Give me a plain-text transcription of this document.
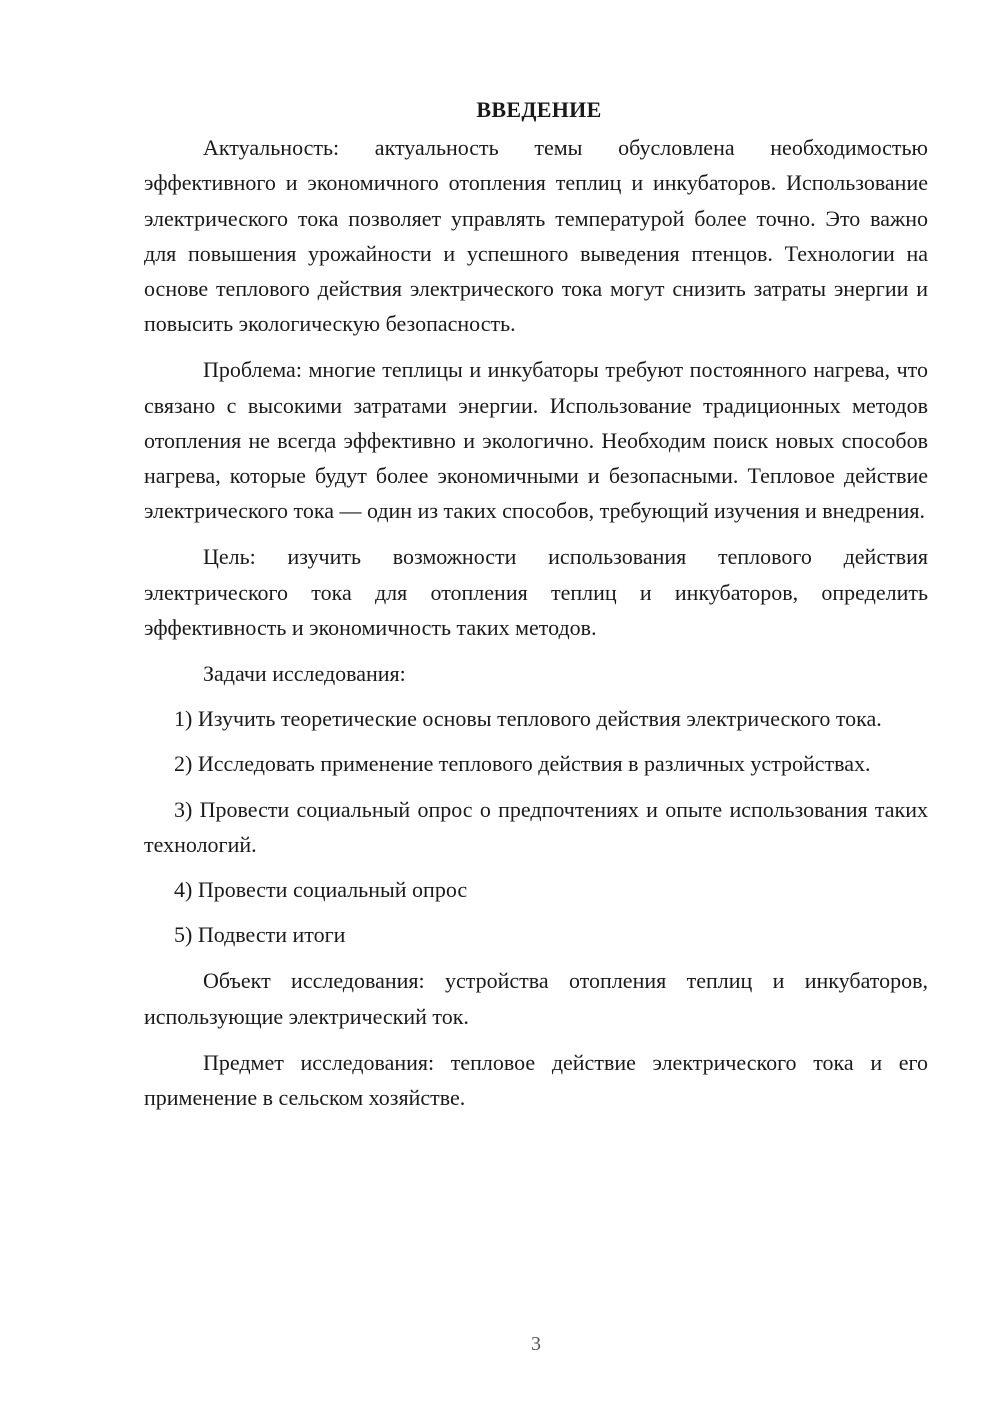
ВВЕДЕНИЕ

Актуальность: актуальность темы обусловлена необходимостью эффективного и экономичного отопления теплиц и инкубаторов. Использование электрического тока позволяет управлять температурой более точно. Это важно для повышения урожайности и успешного выведения птенцов. Технологии на основе теплового действия электрического тока могут снизить затраты энергии и повысить экологическую безопасность.

Проблема: многие теплицы и инкубаторы требуют постоянного нагрева, что связано с высокими затратами энергии. Использование традиционных методов отопления не всегда эффективно и экологично. Необходим поиск новых способов нагрева, которые будут более экономичными и безопасными. Тепловое действие электрического тока — один из таких способов, требующий изучения и внедрения.

Цель: изучить возможности использования теплового действия электрического тока для отопления теплиц и инкубаторов, определить эффективность и экономичность таких методов.

Задачи исследования:

1) Изучить теоретические основы теплового действия электрического тока.

2) Исследовать применение теплового действия в различных устройствах.

3) Провести социальный опрос о предпочтениях и опыте использования таких технологий.

4) Провести социальный опрос

5) Подвести итоги

Объект исследования: устройства отопления теплиц и инкубаторов, использующие электрический ток.

Предмет исследования: тепловое действие электрического тока и его применение в сельском хозяйстве.

3
